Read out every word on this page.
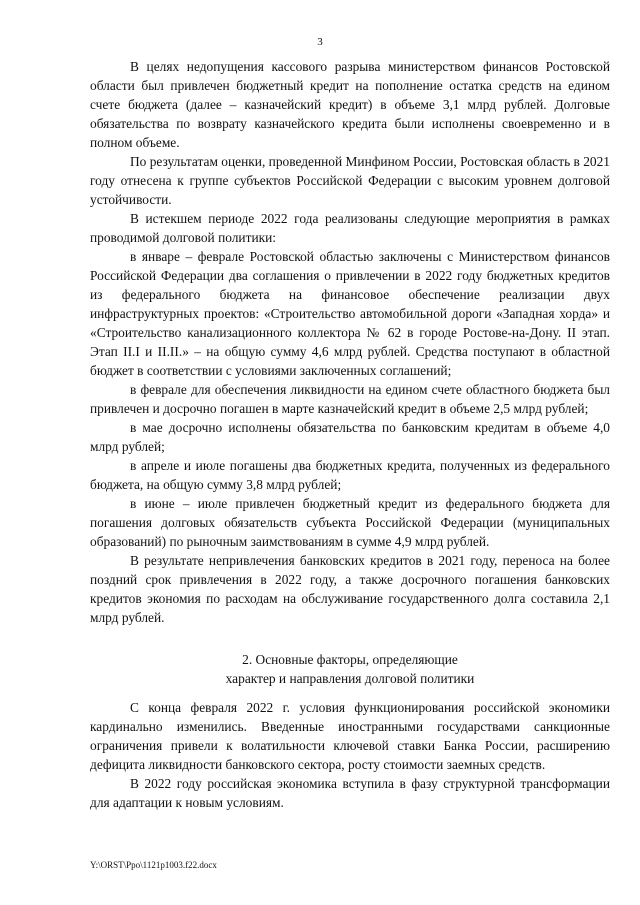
3

В целях недопущения кассового разрыва министерством финансов Ростовской области был привлечен бюджетный кредит на пополнение остатка средств на едином счете бюджета (далее – казначейский кредит) в объеме 3,1 млрд рублей. Долговые обязательства по возврату казначейского кредита были исполнены своевременно и в полном объеме.

По результатам оценки, проведенной Минфином России, Ростовская область в 2021 году отнесена к группе субъектов Российской Федерации с высоким уровнем долговой устойчивости.

В истекшем периоде 2022 года реализованы следующие мероприятия в рамках проводимой долговой политики:

в январе – феврале Ростовской областью заключены с Министерством финансов Российской Федерации два соглашения о привлечении в 2022 году бюджетных кредитов из федерального бюджета на финансовое обеспечение реализации двух инфраструктурных проектов: «Строительство автомобильной дороги «Западная хорда» и «Строительство канализационного коллектора № 62 в городе Ростове-на-Дону. II этап. Этап II.I и II.II.» – на общую сумму 4,6 млрд рублей. Средства поступают в областной бюджет в соответствии с условиями заключенных соглашений;

в феврале для обеспечения ликвидности на едином счете областного бюджета был привлечен и досрочно погашен в марте казначейский кредит в объеме 2,5 млрд рублей;

в мае досрочно исполнены обязательства по банковским кредитам в объеме 4,0 млрд рублей;

в апреле и июле погашены два бюджетных кредита, полученных из федерального бюджета, на общую сумму 3,8 млрд рублей;

в июне – июле привлечен бюджетный кредит из федерального бюджета для погашения долговых обязательств субъекта Российской Федерации (муниципальных образований) по рыночным заимствованиям в сумме 4,9 млрд рублей.

В результате непривлечения банковских кредитов в 2021 году, переноса на более поздний срок привлечения в 2022 году, а также досрочного погашения банковских кредитов экономия по расходам на обслуживание государственного долга составила 2,1 млрд рублей.

2. Основные факторы, определяющие
характер и направления долговой политики

С конца февраля 2022 г. условия функционирования российской экономики кардинально изменились. Введенные иностранными государствами санкционные ограничения привели к волатильности ключевой ставки Банка России, расширению дефицита ликвидности банковского сектора, росту стоимости заемных средств.

В 2022 году российская экономика вступила в фазу структурной трансформации для адаптации к новым условиям.

Y:\ORST\Ppo\1121p1003.f22.docx
